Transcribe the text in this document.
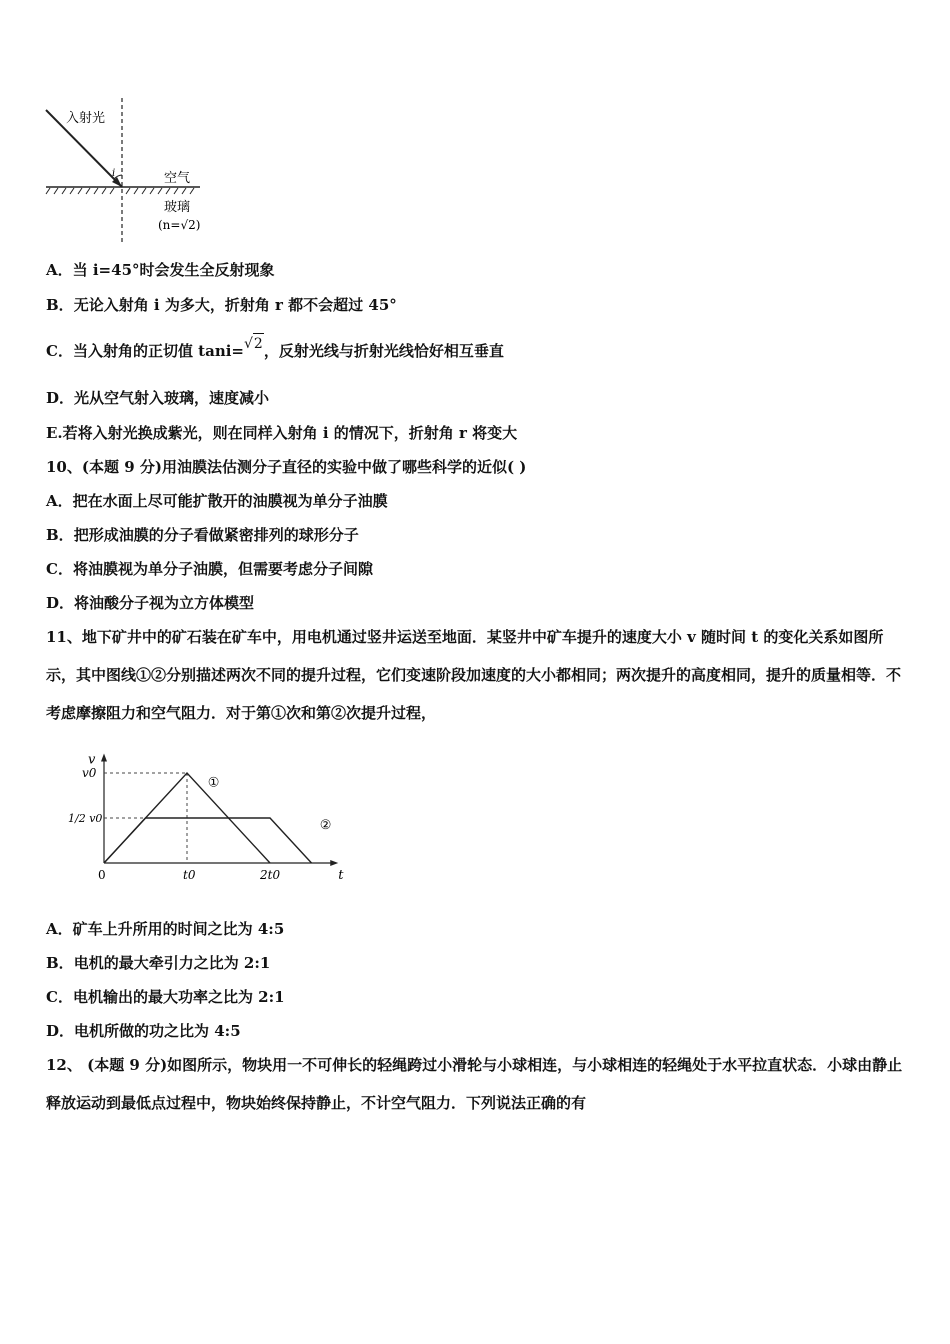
入射光
i	空气
玻璃
(n=√2)
A．当 i=45°时会发生全反射现象
B．无论入射角 i 为多大，折射角 r 都不会超过 45°
C．当入射角的正切值 tani=√2，反射光线与折射光线恰好相互垂直
D．光从空气射入玻璃，速度减小
E.若将入射光换成紫光，则在同样入射角 i 的情况下，折射角 r 将变大
10、(本题 9 分)用油膜法估测分子直径的实验中做了哪些科学的近似( )
A．把在水面上尽可能扩散开的油膜视为单分子油膜
B．把形成油膜的分子看做紧密排列的球形分子
C．将油膜视为单分子油膜，但需要考虑分子间隙
D．将油酸分子视为立方体模型
11、地下矿井中的矿石装在矿车中，用电机通过竖井运送至地面．某竖井中矿车提升的速度大小 v 随时间 t 的变化关系如图所示，其中图线①②分别描述两次不同的提升过程，它们变速阶段加速度的大小都相同；两次提升的高度相同，提升的质量相等．不考虑摩擦阻力和空气阻力．对于第①次和第②次提升过程，
t
v
0	t0	2t0
v0
1/2 v0
①
②
A．矿车上升所用的时间之比为 4:5
B．电机的最大牵引力之比为 2:1
C．电机输出的最大功率之比为 2:1
D．电机所做的功之比为 4:5
12、 (本题 9 分)如图所示，物块用一不可伸长的轻绳跨过小滑轮与小球相连，与小球相连的轻绳处于水平拉直状态．小球由静止释放运动到最低点过程中，物块始终保持静止，不计空气阻力．下列说法正确的有
